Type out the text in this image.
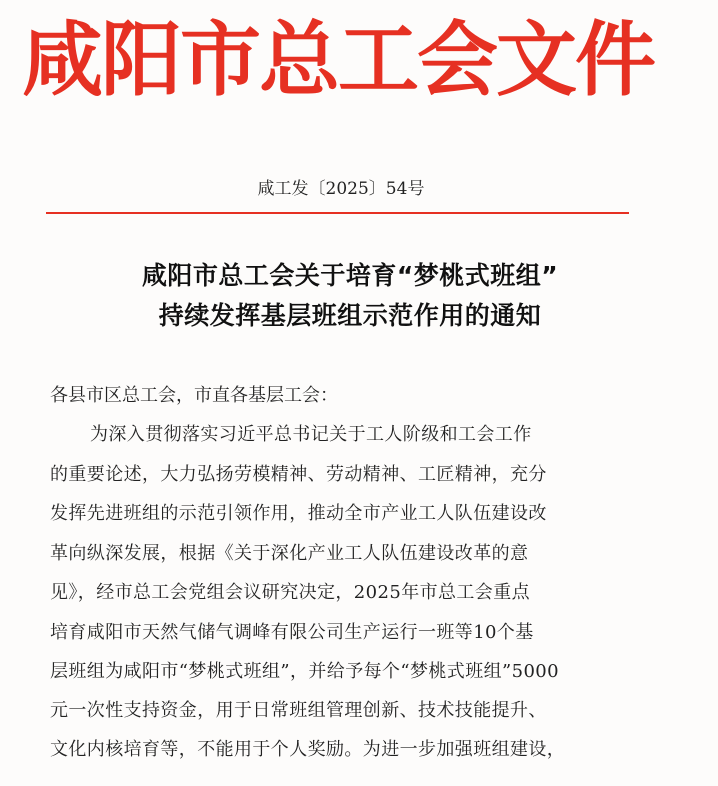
咸阳市总工会文件
咸工发〔2025〕54号
咸阳市总工会关于培育“梦桃式班组”
持续发挥基层班组示范作用的通知
各县市区总工会，市直各基层工会：
为深入贯彻落实习近平总书记关于工人阶级和工会工作
的重要论述，大力弘扬劳模精神、劳动精神、工匠精神，充分
发挥先进班组的示范引领作用，推动全市产业工人队伍建设改
革向纵深发展，根据《关于深化产业工人队伍建设改革的意
见》，经市总工会党组会议研究决定，2025年市总工会重点
培育咸阳市天然气储气调峰有限公司生产运行一班等10个基
层班组为咸阳市“梦桃式班组”，并给予每个“梦桃式班组”5000
元一次性支持资金，用于日常班组管理创新、技术技能提升、
文化内核培育等，不能用于个人奖励。为进一步加强班组建设，
